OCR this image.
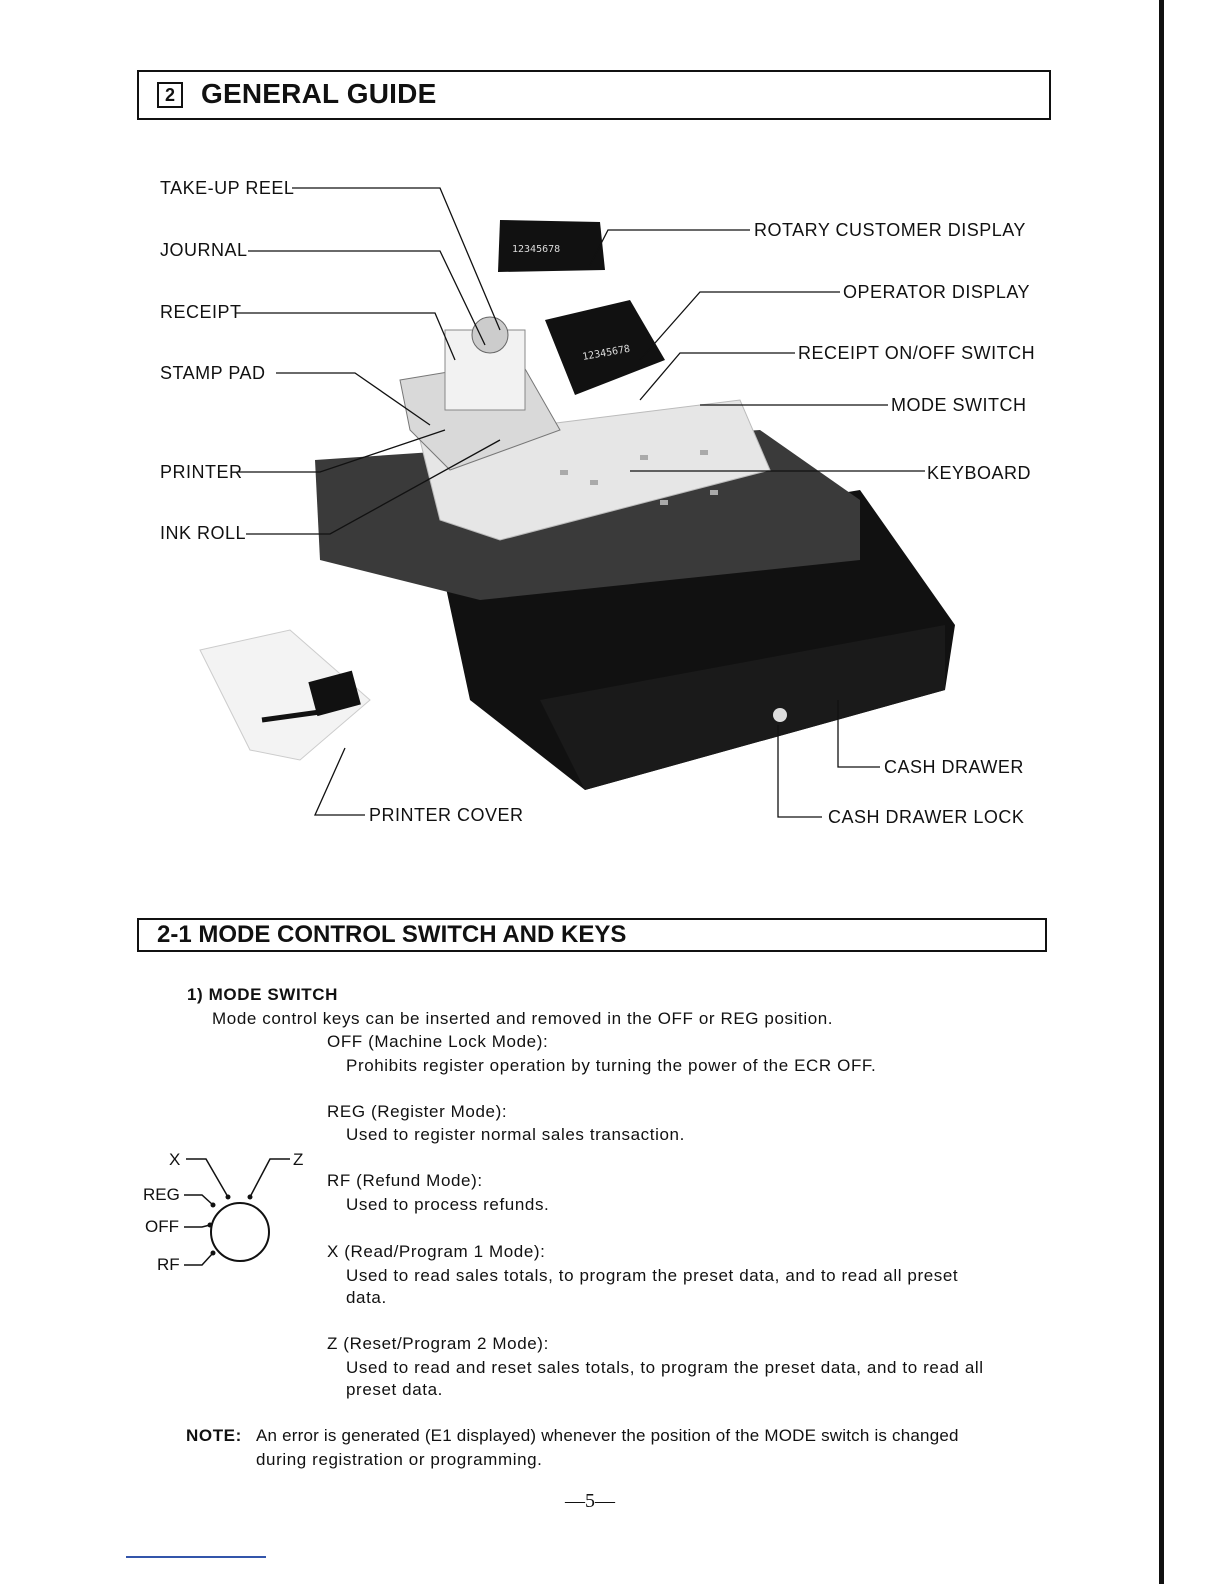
2 GENERAL GUIDE
12345678
12345678
TAKE-UP REEL
JOURNAL
RECEIPT
STAMP PAD
PRINTER
INK ROLL
ROTARY CUSTOMER DISPLAY
OPERATOR DISPLAY
RECEIPT ON/OFF SWITCH
MODE SWITCH
KEYBOARD
CASH DRAWER
CASH DRAWER LOCK
PRINTER COVER
2-1 MODE CONTROL SWITCH AND KEYS
1) MODE SWITCH
Mode control keys can be inserted and removed in the OFF or REG position.
OFF (Machine Lock Mode):
Prohibits register operation by turning the power of the ECR OFF.
REG (Register Mode):
Used to register normal sales transaction.
RF (Refund Mode):
Used to process refunds.
X (Read/Program 1 Mode):
Used to read sales totals, to program the preset data, and to read all preset
data.
Z (Reset/Program 2 Mode):
Used to read and reset sales totals, to program the preset data, and to read all
preset data.
X	Z
REG
OFF
RF
NOTE: An error is generated (E1 displayed) whenever the position of the MODE switch is changed
during registration or programming.
—5—
